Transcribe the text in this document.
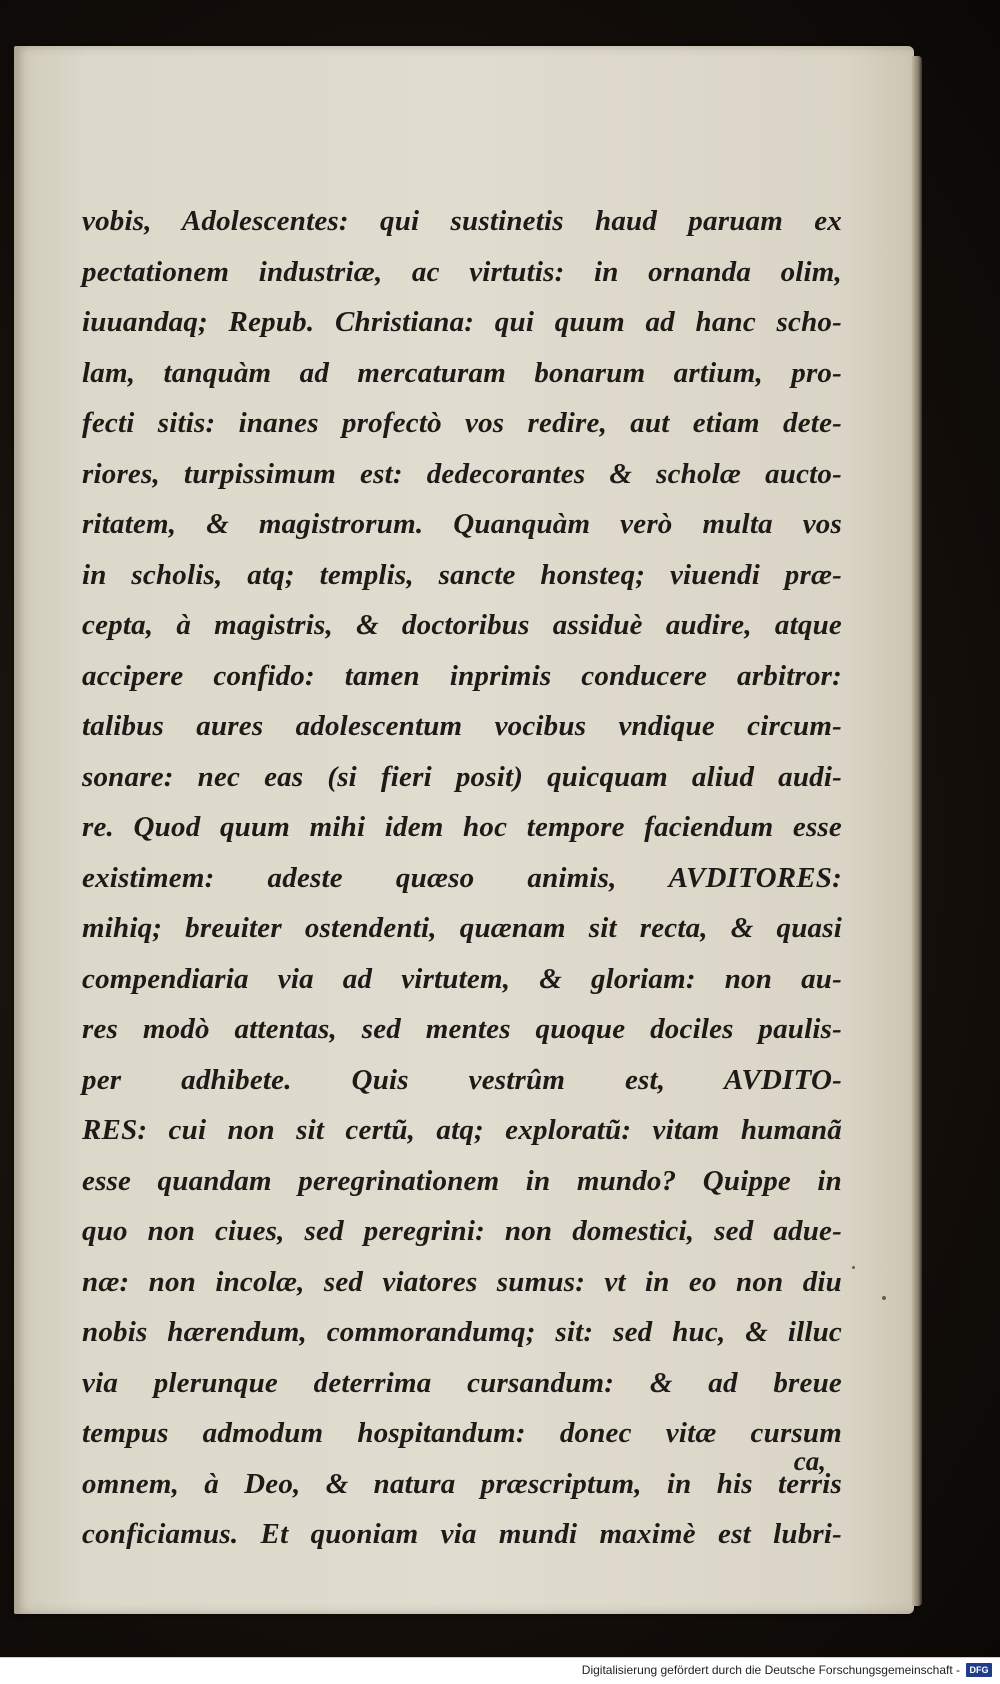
vobis, Adolescentes: qui sustinetis haud paruam ex
pectationem industriæ, ac virtutis: in ornanda olim,
iuuandaq; Repub. Christiana: qui quum ad hanc scho-
lam, tanquàm ad mercaturam bonarum artium, pro-
fecti sitis: inanes profectò vos redire, aut etiam dete-
riores, turpissimum est: dedecorantes & scholæ aucto-
ritatem, & magistrorum. Quanquàm verò multa vos
in scholis, atq; templis, sancte honsteq; viuendi præ-
cepta, à magistris, & doctoribus assiduè audire, atque
accipere confido: tamen inprimis conducere arbitror:
talibus aures adolescentum vocibus vndique circum-
sonare: nec eas (si fieri posit) quicquam aliud audi-
re. Quod quum mihi idem hoc tempore faciendum esse
existimem: adeste quæso animis, AVDITORES:
mihiq; breuiter ostendenti, quænam sit recta, & quasi
compendiaria via ad virtutem, & gloriam: non au-
res modò attentas, sed mentes quoque dociles paulis-
per adhibete. Quis vestrûm est, AVDITO-
RES: cui non sit certũ, atq; exploratũ: vitam humanã
esse quandam peregrinationem in mundo? Quippe in
quo non ciues, sed peregrini: non domestici, sed adue-
næ: non incolæ, sed viatores sumus: vt in eo non diu
nobis hærendum, commorandumq; sit: sed huc, & illuc
via plerunque deterrima cursandum: & ad breue
tempus admodum hospitandum: donec vitæ cursum
omnem, à Deo, & natura præscriptum, in his terris
conficiamus. Et quoniam via mundi maximè est lubri-
ca,
Digitalisierung gefördert durch die Deutsche Forschungsgemeinschaft -	DFG
